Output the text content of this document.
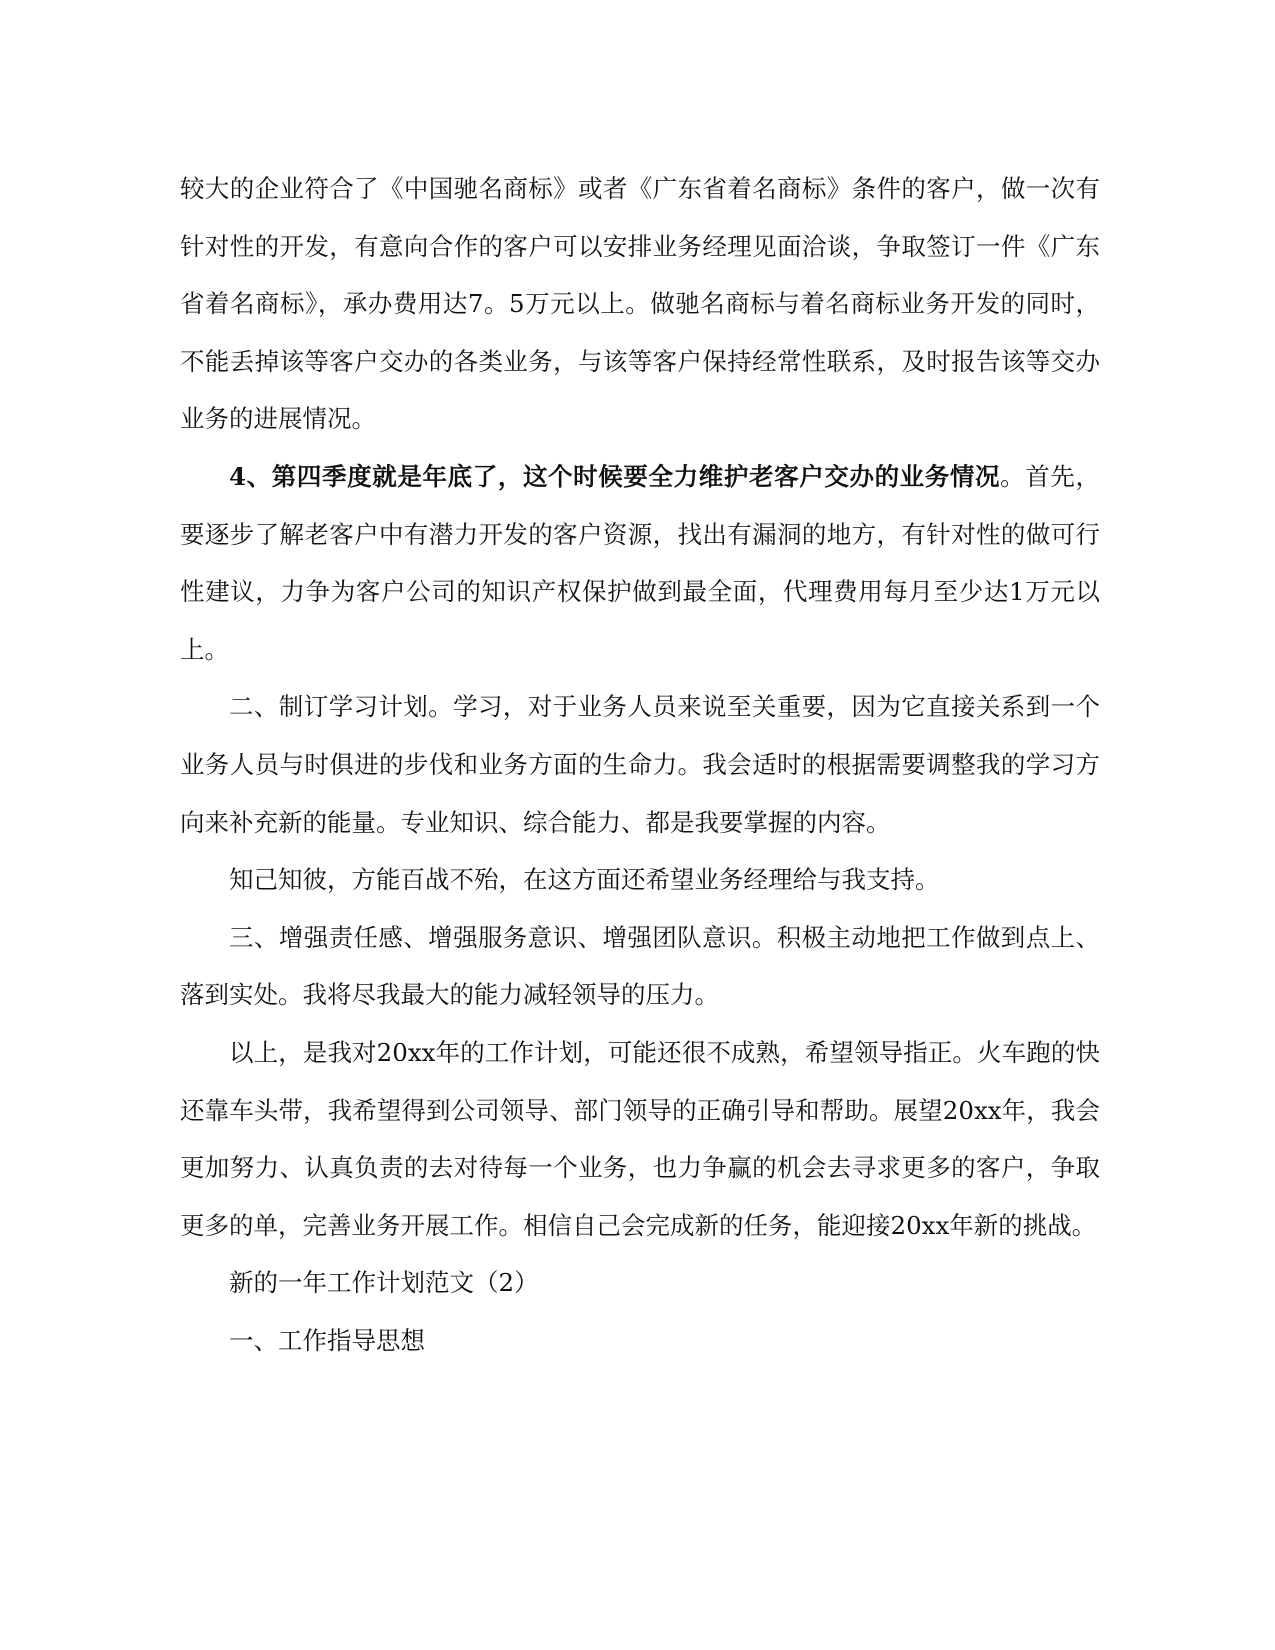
较大的企业符合了《中国驰名商标》或者《广东省着名商标》条件的客户，做一次有针对性的开发，有意向合作的客户可以安排业务经理见面洽谈，争取签订一件《广东省着名商标》，承办费用达7。5万元以上。做驰名商标与着名商标业务开发的同时，不能丢掉该等客户交办的各类业务，与该等客户保持经常性联系，及时报告该等交办业务的进展情况。

4、第四季度就是年底了，这个时候要全力维护老客户交办的业务情况。首先，要逐步了解老客户中有潜力开发的客户资源，找出有漏洞的地方，有针对性的做可行性建议，力争为客户公司的知识产权保护做到最全面，代理费用每月至少达1万元以上。

二、制订学习计划。学习，对于业务人员来说至关重要，因为它直接关系到一个业务人员与时俱进的步伐和业务方面的生命力。我会适时的根据需要调整我的学习方向来补充新的能量。专业知识、综合能力、都是我要掌握的内容。

知己知彼，方能百战不殆，在这方面还希望业务经理给与我支持。

三、增强责任感、增强服务意识、增强团队意识。积极主动地把工作做到点上、落到实处。我将尽我最大的能力减轻领导的压力。

以上，是我对20xx年的工作计划，可能还很不成熟，希望领导指正。火车跑的快还靠车头带，我希望得到公司领导、部门领导的正确引导和帮助。展望20xx年，我会更加努力、认真负责的去对待每一个业务，也力争赢的机会去寻求更多的客户，争取更多的单，完善业务开展工作。相信自己会完成新的任务，能迎接20xx年新的挑战。

新的一年工作计划范文（2）

一、工作指导思想
